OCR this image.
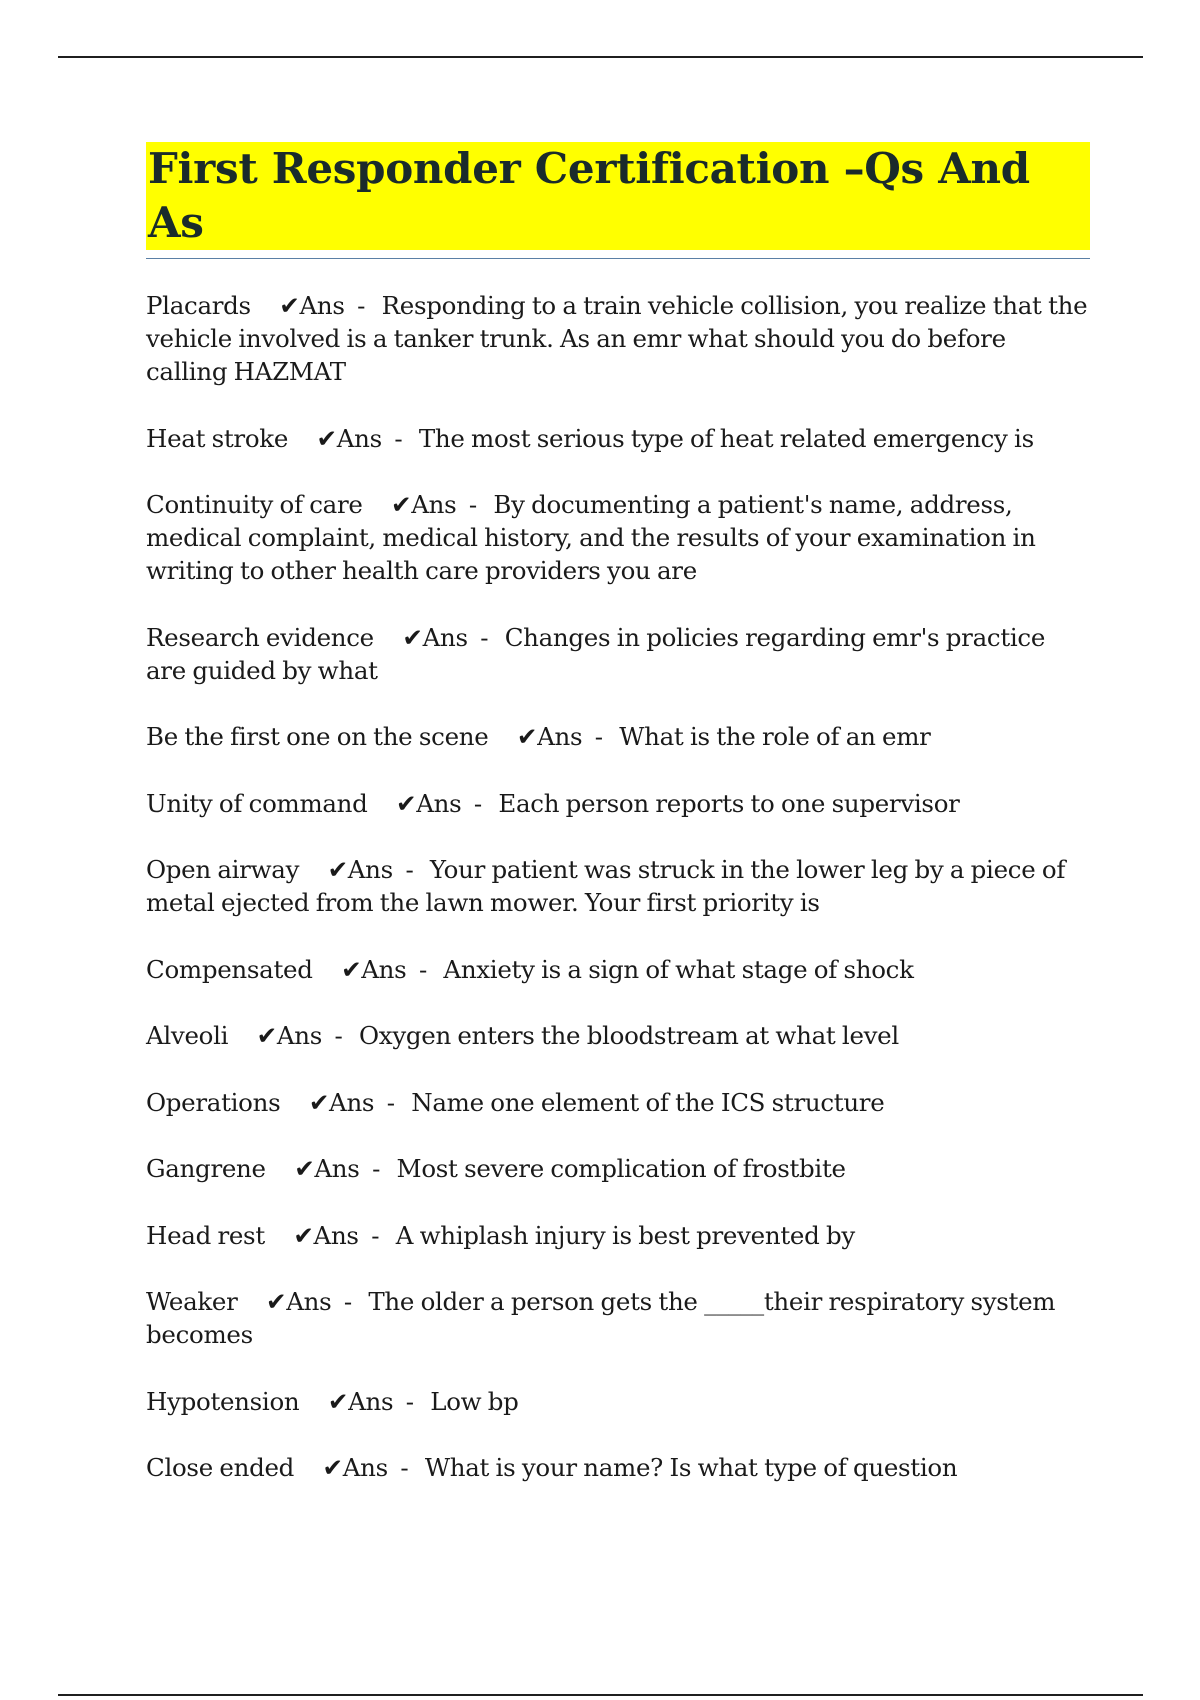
First Responder Certification –Qs And As

Placards  ✔Ans - Responding to a train vehicle collision, you realize that the vehicle involved is a tanker trunk. As an emr what should you do before calling HAZMAT

Heat stroke  ✔Ans - The most serious type of heat related emergency is

Continuity of care  ✔Ans - By documenting a patient's name, address, medical complaint, medical history, and the results of your examination in writing to other health care providers you are

Research evidence  ✔Ans - Changes in policies regarding emr's practice are guided by what

Be the first one on the scene  ✔Ans - What is the role of an emr

Unity of command  ✔Ans - Each person reports to one supervisor

Open airway  ✔Ans - Your patient was struck in the lower leg by a piece of metal ejected from the lawn mower. Your first priority is

Compensated  ✔Ans - Anxiety is a sign of what stage of shock

Alveoli  ✔Ans - Oxygen enters the bloodstream at what level

Operations  ✔Ans - Name one element of the ICS structure

Gangrene  ✔Ans - Most severe complication of frostbite

Head rest  ✔Ans - A whiplash injury is best prevented by

Weaker  ✔Ans - The older a person gets the _____their respiratory system becomes

Hypotension  ✔Ans - Low bp

Close ended  ✔Ans - What is your name? Is what type of question
